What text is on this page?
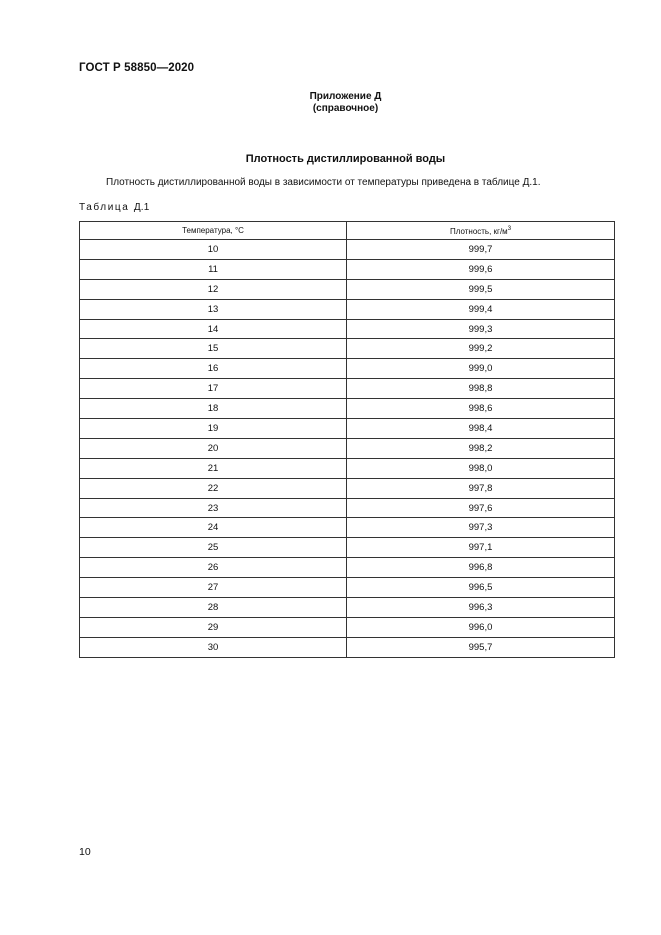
ГОСТ Р 58850—2020
Приложение Д
(справочное)
Плотность дистиллированной воды
Плотность дистиллированной воды в зависимости от температуры приведена в таблице Д.1.
Таблица Д.1
Температура, °С	Плотность, $кг/м^3$
10	999,7
11	999,6
12	999,5
13	999,4
14	999,3
15	999,2
16	999,0
17	998,8
18	998,6
19	998,4
20	998,2
21	998,0
22	997,8
23	997,6
24	997,3
25	997,1
26	996,8
27	996,5
28	996,3
29	996,0
30	995,7
10
